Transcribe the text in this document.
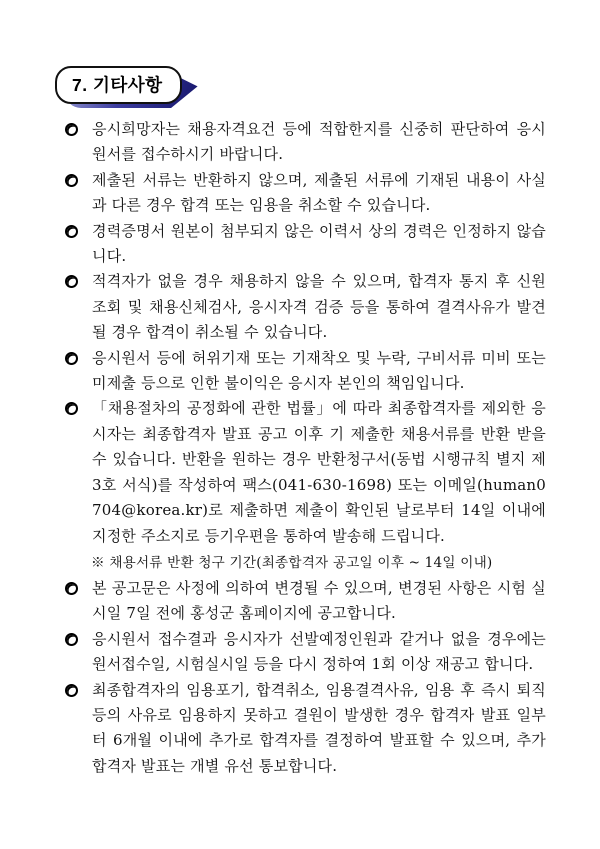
7. 기타사항

응시희망자는 채용자격요건 등에 적합한지를 신중히 판단하여 응시원서를 접수하시기 바랍니다.

제출된 서류는 반환하지 않으며, 제출된 서류에 기재된 내용이 사실과 다른 경우 합격 또는 임용을 취소할 수 있습니다.

경력증명서 원본이 첨부되지 않은 이력서 상의 경력은 인정하지 않습니다.

적격자가 없을 경우 채용하지 않을 수 있으며, 합격자 통지 후 신원 조회 및 채용신체검사, 응시자격 검증 등을 통하여 결격사유가 발견될 경우 합격이 취소될 수 있습니다.

응시원서 등에 허위기재 또는 기재착오 및 누락, 구비서류 미비 또는 미제출 등으로 인한 불이익은 응시자 본인의 책임입니다.

「채용절차의 공정화에 관한 법률」에 따라 최종합격자를 제외한 응시자는 최종합격자 발표 공고 이후 기 제출한 채용서류를 반환 받을 수 있습니다. 반환을 원하는 경우 반환청구서(동법 시행규칙 별지 제3호 서식)를 작성하여 팩스(041-630-1698) 또는 이메일(human0704@korea.kr)로 제출하면 제출이 확인된 날로부터 14일 이내에 지정한 주소지로 등기우편을 통하여 발송해 드립니다.

※ 채용서류 반환 청구 기간(최종합격자 공고일 이후 ~ 14일 이내)

본 공고문은 사정에 의하여 변경될 수 있으며, 변경된 사항은 시험 실시일 7일 전에 홍성군 홈페이지에 공고합니다.

응시원서 접수결과 응시자가 선발예정인원과 같거나 없을 경우에는 원서접수일, 시험실시일 등을 다시 정하여 1회 이상 재공고 합니다.

최종합격자의 임용포기, 합격취소, 임용결격사유, 임용 후 즉시 퇴직 등의 사유로 임용하지 못하고 결원이 발생한 경우 합격자 발표 일부터 6개월 이내에 추가로 합격자를 결정하여 발표할 수 있으며, 추가합격자 발표는 개별 유선 통보합니다.
